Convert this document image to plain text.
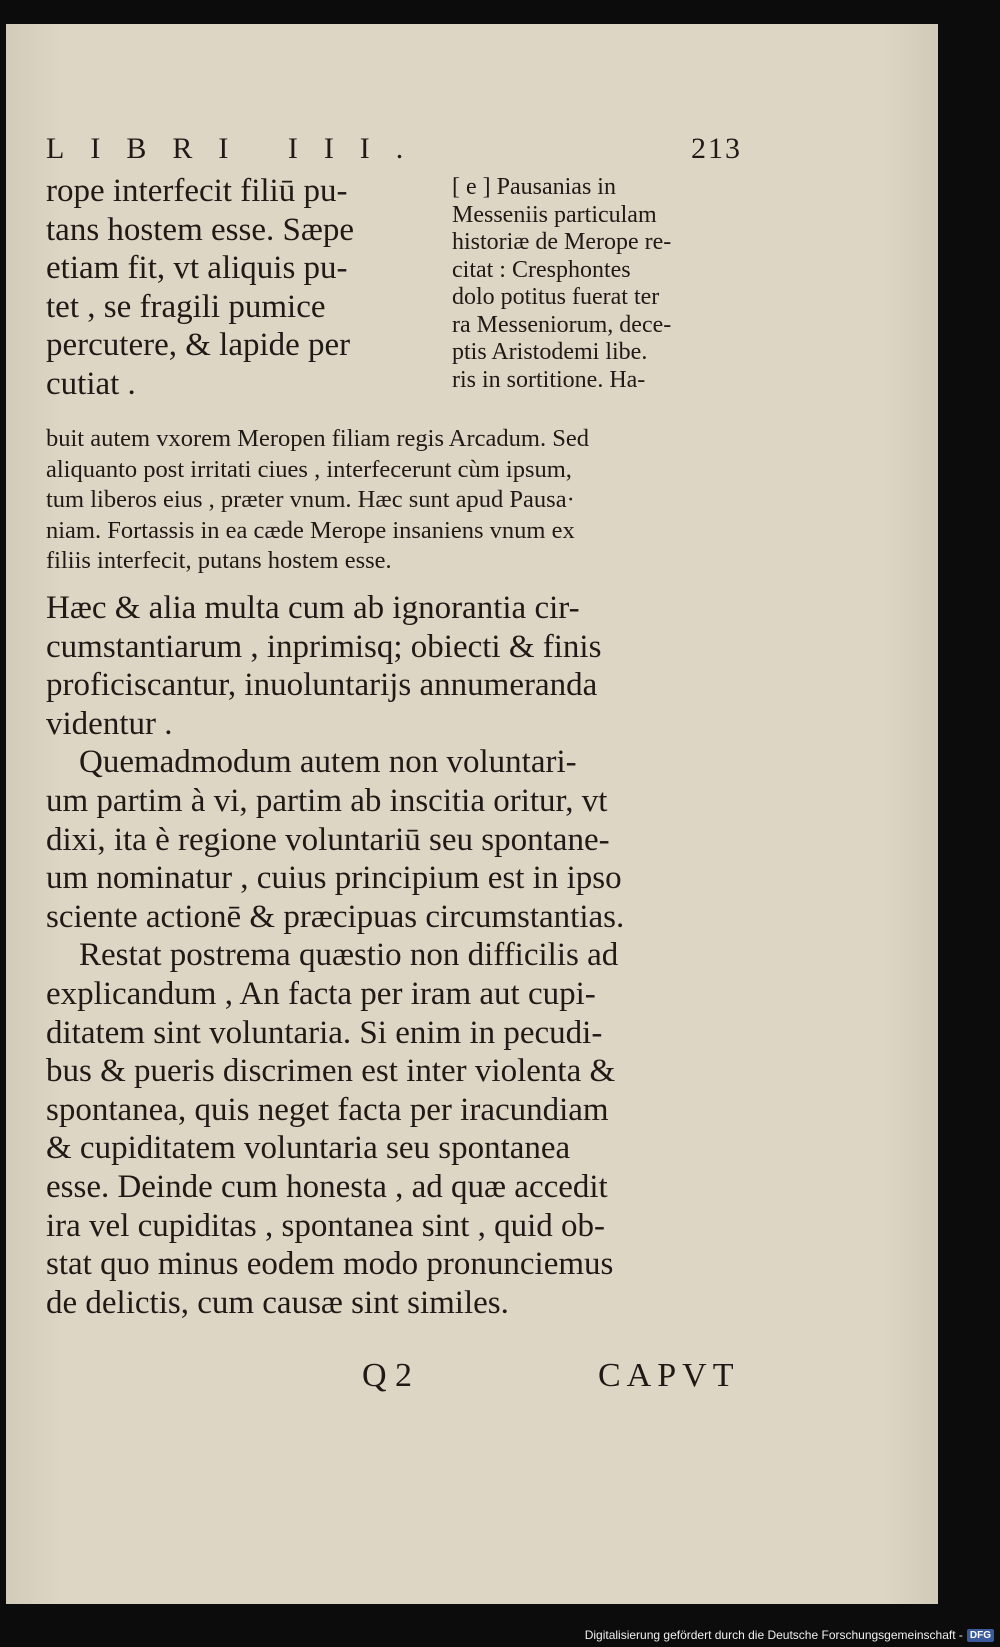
LIBRI III.	213
rope interfecit filiū pu-
tans hostem esse. Sæpe
etiam fit, vt aliquis pu-
tet , se fragili pumice
percutere, & lapide per
cutiat .
[ e ] Pausanias in
Messeniis particulam
historiæ de Merope re-
citat : Cresphontes
dolo potitus fuerat ter
ra Messeniorum, dece-
ptis Aristodemi libe.
ris in sortitione. Ha-
buit autem vxorem Meropen filiam regis Arcadum. Sed
aliquanto post irritati ciues , interfecerunt cùm ipsum,
tum liberos eius , præter vnum. Hæc sunt apud Pausa·
niam. Fortassis in ea cæde Merope insaniens vnum ex
filiis interfecit, putans hostem esse.
Hæc & alia multa cum ab ignorantia cir-
cumstantiarum , inprimisq; obiecti & finis
proficiscantur, inuoluntarijs annumeranda
videntur .
Quemadmodum autem non voluntari-
um partim à vi, partim ab inscitia oritur, vt
dixi, ita è regione voluntariū seu spontane-
um nominatur , cuius principium est in ipso
sciente actionē & præcipuas circumstantias.
Restat postrema quæstio non difficilis ad
explicandum , An facta per iram aut cupi-
ditatem sint voluntaria. Si enim in pecudi-
bus & pueris discrimen est inter violenta &
spontanea, quis neget facta per iracundiam
& cupiditatem voluntaria seu spontanea
esse. Deinde cum honesta , ad quæ accedit
ira vel cupiditas , spontanea sint , quid ob-
stat quo minus eodem modo pronunciemus
de delictis, cum causæ sint similes.
Q 2	CAPVT
Digitalisierung gefördert durch die Deutsche Forschungsgemeinschaft - DFG
